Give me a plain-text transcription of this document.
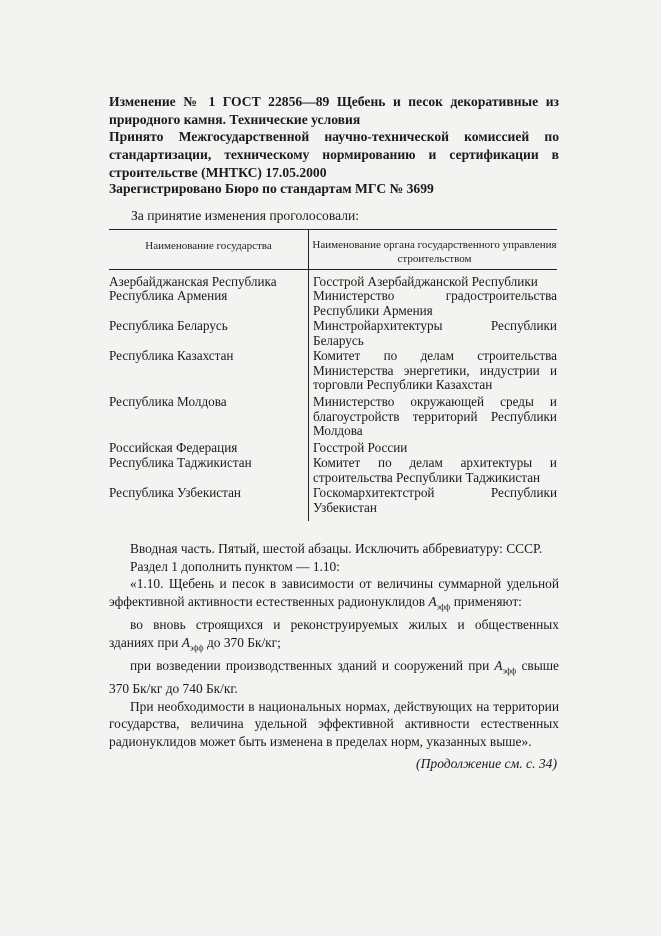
Изменение № 1 ГОСТ 22856—89 Щебень и песок декоративные из природного камня. Технические условия
Принято Межгосударственной научно-технической комиссией по стандартизации, техническому нормированию и сертификации в строительстве (МНТКС) 17.05.2000
Зарегистрировано Бюро по стандартам МГС № 3699
За принятие изменения проголосовали:
Наименование государства	Наименование органа государственного управления строительством
Азербайджанская Республика	Госстрой Азербайджанской Республики
Республика Армения	Министерство градостроительства Республики Армения
Республика Беларусь	Минстройархитектуры Республики Беларусь
Республика Казахстан	Комитет по делам строительства Министерства энергетики, индустрии и торговли Республики Казахстан
Республика Молдова	Министерство окружающей среды и благоустройств территорий Республики Молдова
Российская Федерация	Госстрой России
Республика Таджикистан	Комитет по делам архитектуры и строительства Республики Таджикистан
Республика Узбекистан	Госкомархитектстрой Республики Узбекистан

Вводная часть. Пятый, шестой абзацы. Исключить аббревиатуру: СССР.

Раздел 1 дополнить пунктом — 1.10:

«1.10. Щебень и песок в зависимости от величины суммарной удельной эффективной активности естественных радионуклидов $A_{эфф}$ применяют:

во вновь строящихся и реконструируемых жилых и общественных зданиях при $A_{эфф}$ до 370 Бк/кг;

при возведении производственных зданий и сооружений при $A_{эфф}$ свыше 370 Бк/кг до 740 Бк/кг.

При необходимости в национальных нормах, действующих на территории государства, величина удельной эффективной активности естественных радионуклидов может быть изменена в пределах норм, указанных выше».

(Продолжение см. с. 34)
